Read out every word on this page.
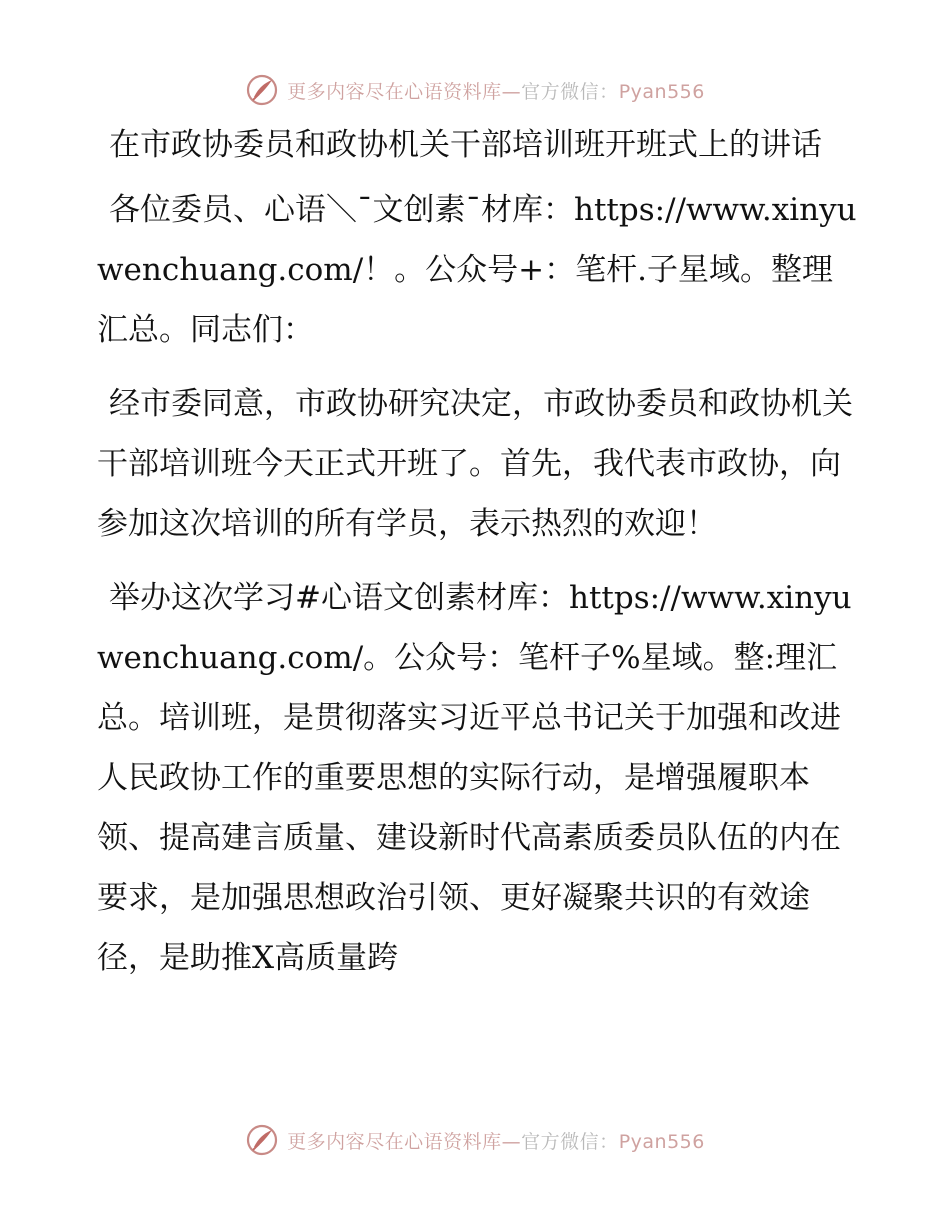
更多内容尽在心语资料库—官方微信：Pyan556
在市政协委员和政协机关干部培训班开班式上的讲话

各位委员、心语＼¯文创素¯材库：https://www.xinyuwenchuang.com/！。公众号+：笔杆.子星域。整理汇总。同志们：

经市委同意，市政协研究决定，市政协委员和政协机关干部培训班今天正式开班了。首先，我代表市政协，向参加这次培训的所有学员，表示热烈的欢迎！

举办这次学习#心语文创素材库：https://www.xinyuwenchuang.com/。公众号：笔杆子%星域。整:理汇总。培训班，是贯彻落实习近平总书记关于加强和改进人民政协工作的重要思想的实际行动，是增强履职本领、提高建言质量、建设新时代高素质委员队伍的内在要求，是加强思想政治引领、更好凝聚共识的有效途径，是助推X高质量跨

更多内容尽在心语资料库—官方微信：Pyan556
